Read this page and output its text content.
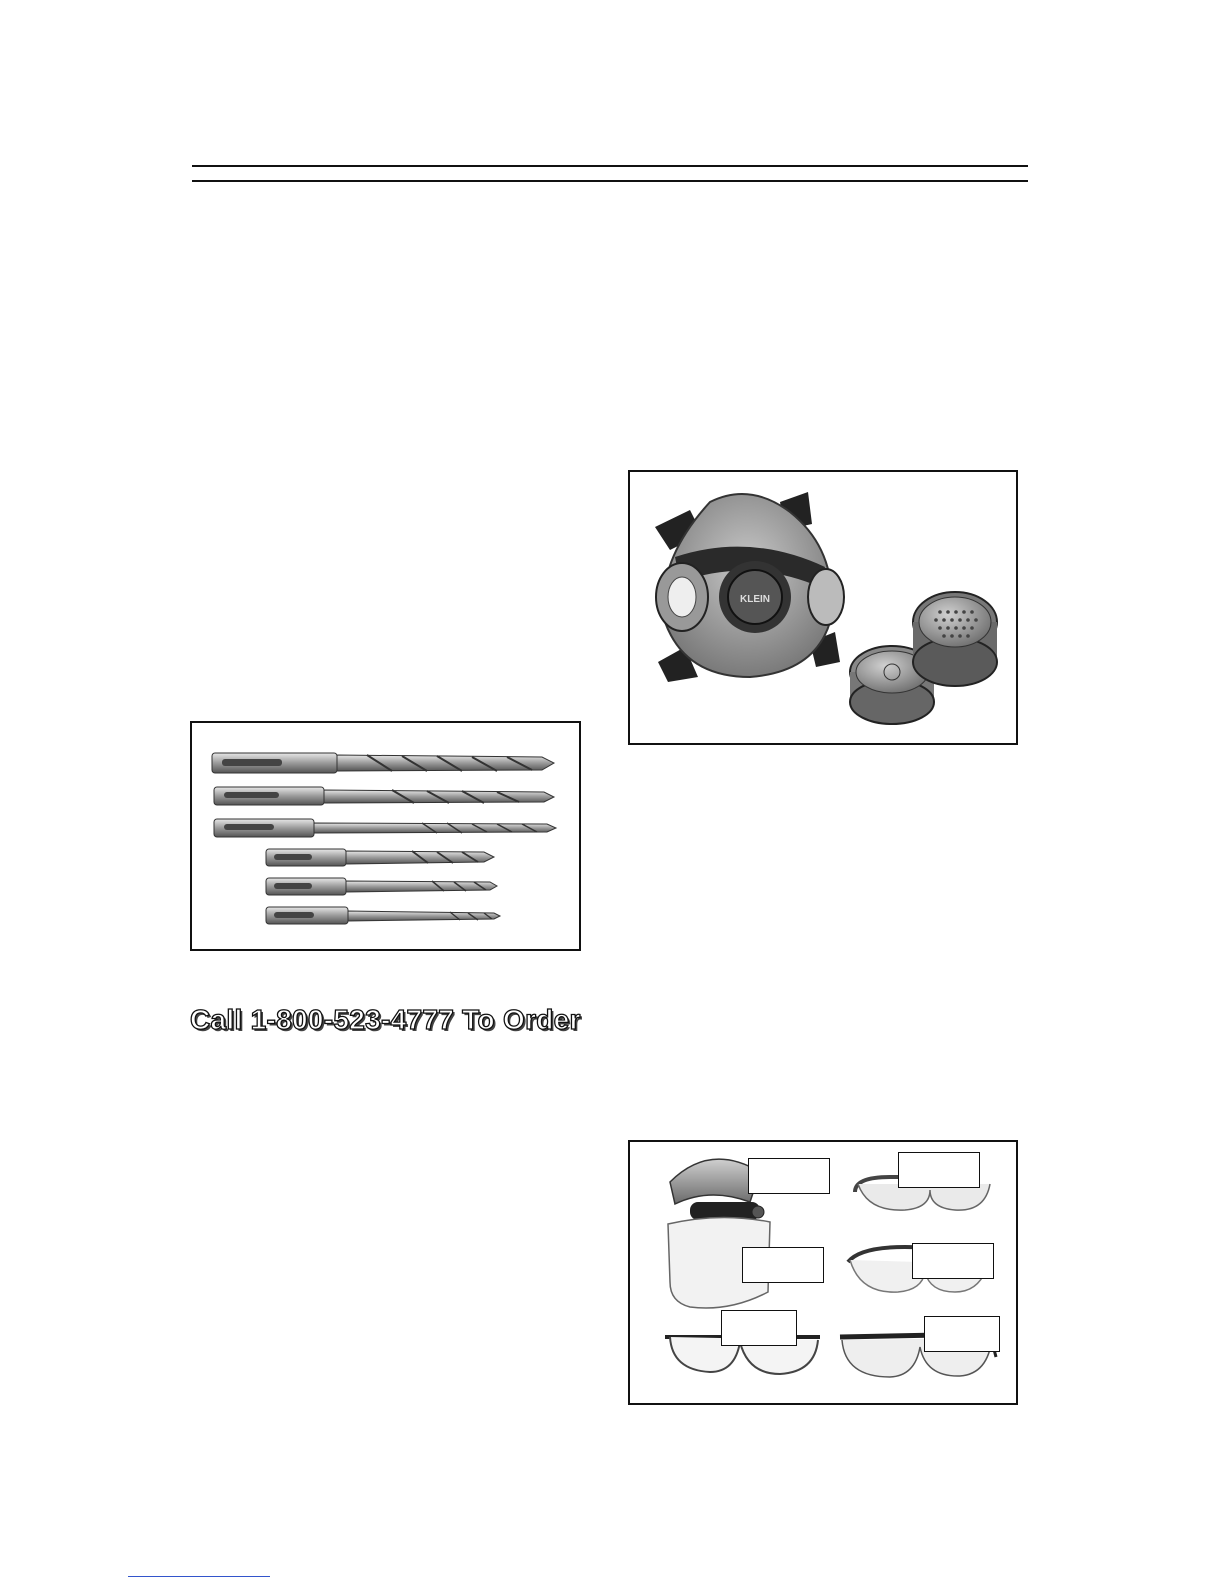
KLEIN
Call 1-800-523-4777 To Order
